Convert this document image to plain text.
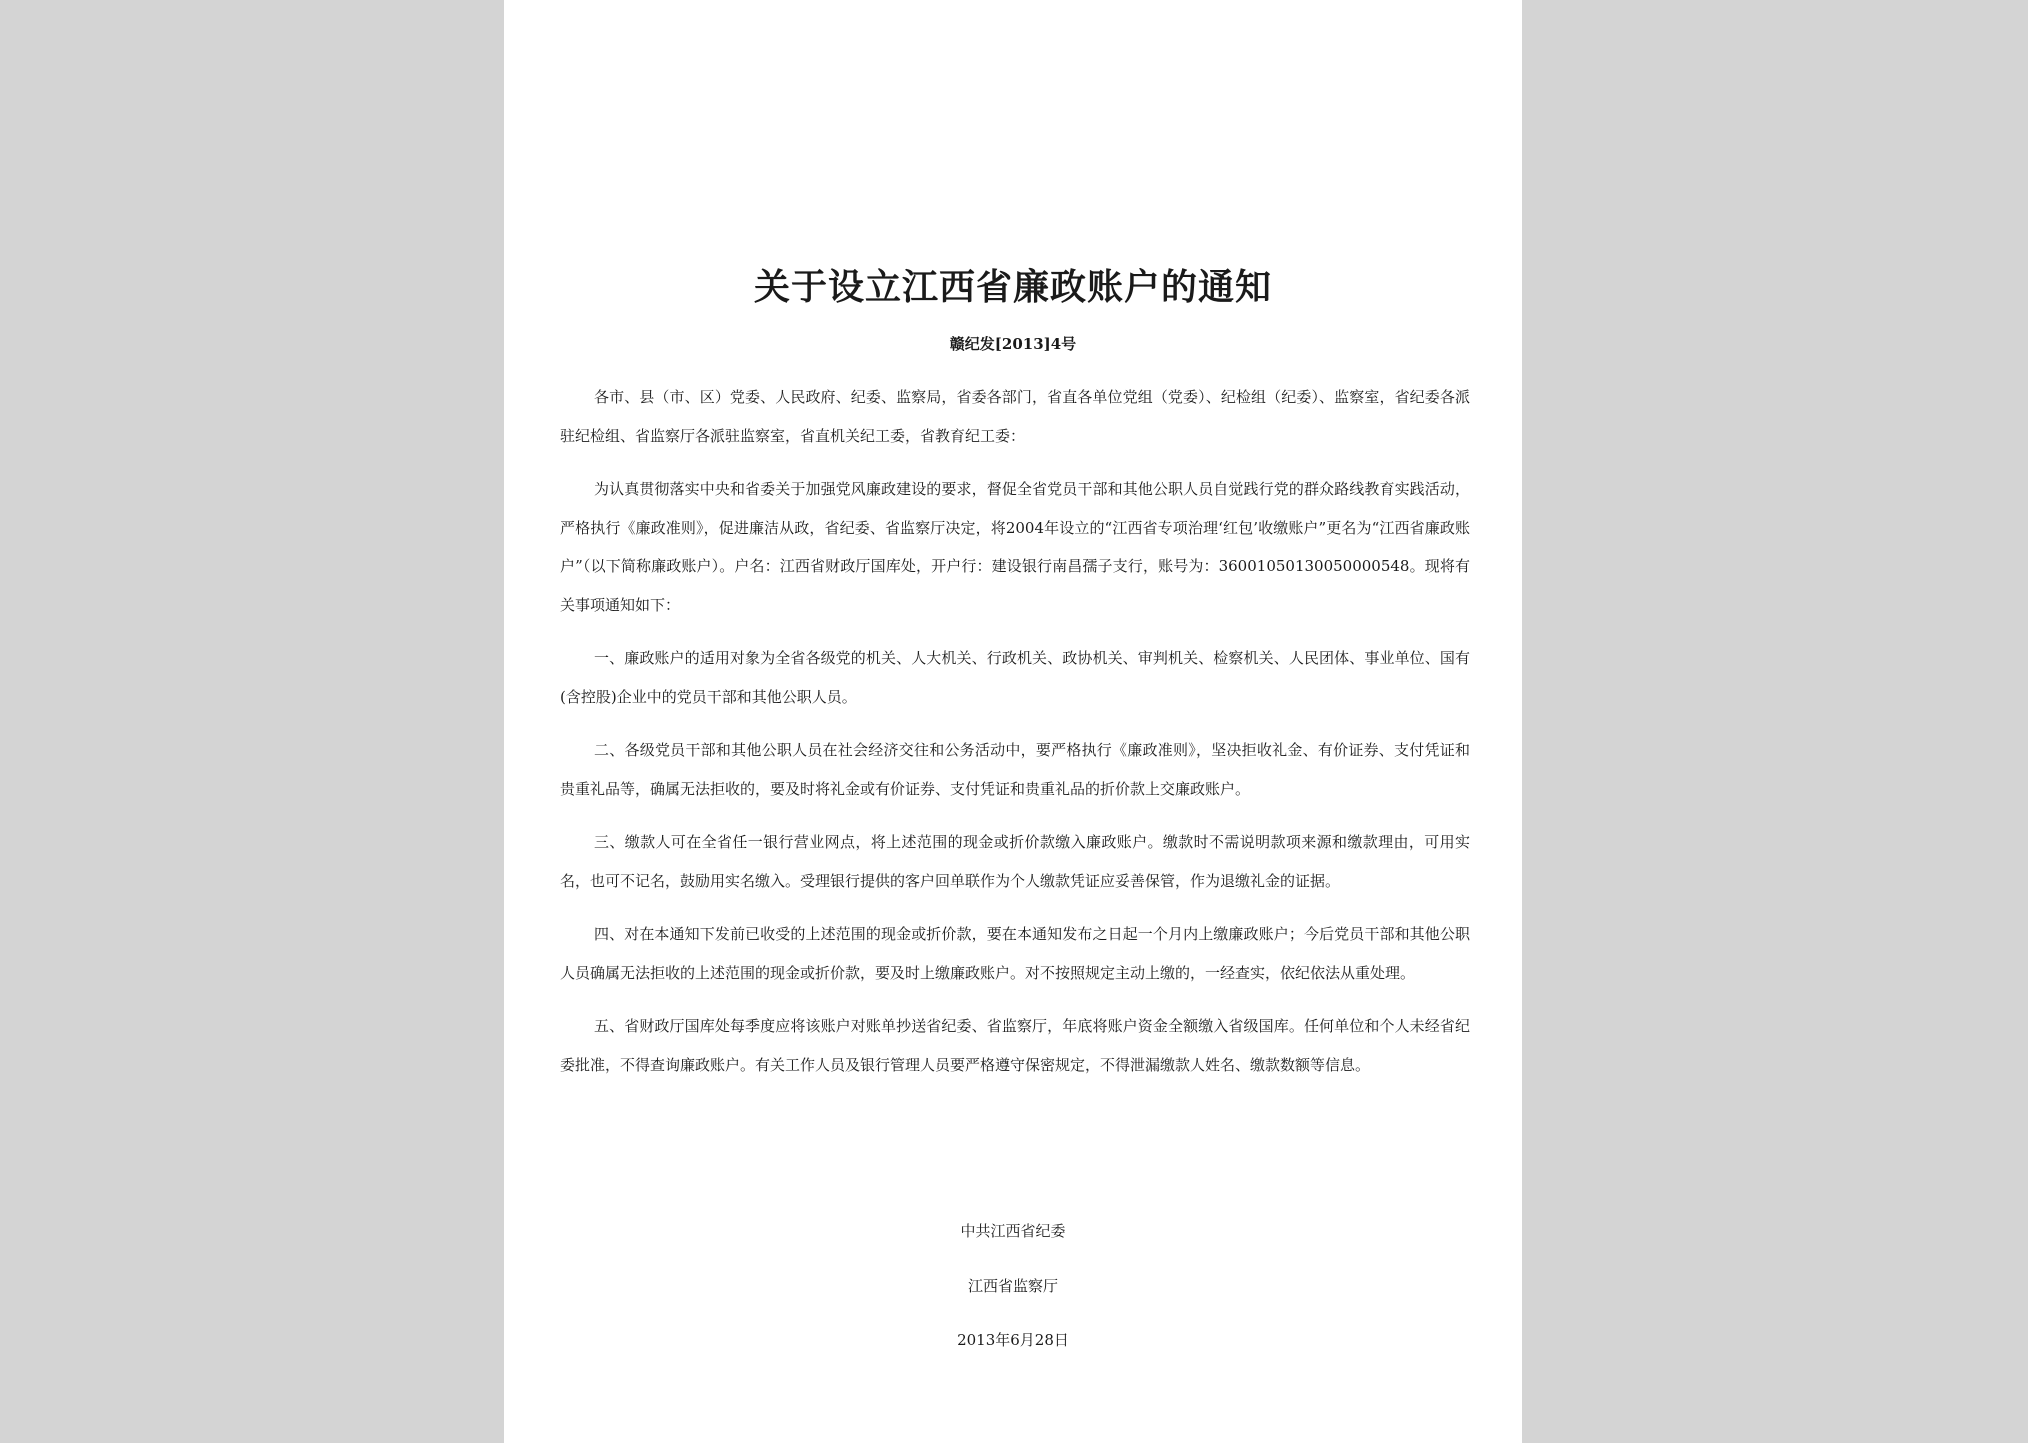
关于设立江西省廉政账户的通知
赣纪发[2013]4号

各市、县（市、区）党委、人民政府、纪委、监察局，省委各部门，省直各单位党组（党委）、纪检组（纪委）、监察室，省纪委各派驻纪检组、省监察厅各派驻监察室，省直机关纪工委，省教育纪工委：

为认真贯彻落实中央和省委关于加强党风廉政建设的要求，督促全省党员干部和其他公职人员自觉践行党的群众路线教育实践活动，严格执行《廉政准则》，促进廉洁从政，省纪委、省监察厅决定，将2004年设立的“江西省专项治理‘红包’收缴账户”更名为“江西省廉政账户”（以下简称廉政账户）。户名：江西省财政厅国库处，开户行：建设银行南昌孺子支行，账号为：36001050130050000548。现将有关事项通知如下：

一、廉政账户的适用对象为全省各级党的机关、人大机关、行政机关、政协机关、审判机关、检察机关、人民团体、事业单位、国有(含控股)企业中的党员干部和其他公职人员。

二、各级党员干部和其他公职人员在社会经济交往和公务活动中，要严格执行《廉政准则》，坚决拒收礼金、有价证券、支付凭证和贵重礼品等，确属无法拒收的，要及时将礼金或有价证券、支付凭证和贵重礼品的折价款上交廉政账户。

三、缴款人可在全省任一银行营业网点，将上述范围的现金或折价款缴入廉政账户。缴款时不需说明款项来源和缴款理由，可用实名，也可不记名，鼓励用实名缴入。受理银行提供的客户回单联作为个人缴款凭证应妥善保管，作为退缴礼金的证据。

四、对在本通知下发前已收受的上述范围的现金或折价款，要在本通知发布之日起一个月内上缴廉政账户；今后党员干部和其他公职人员确属无法拒收的上述范围的现金或折价款，要及时上缴廉政账户。对不按照规定主动上缴的，一经查实，依纪依法从重处理。

五、省财政厅国库处每季度应将该账户对账单抄送省纪委、省监察厅，年底将账户资金全额缴入省级国库。任何单位和个人未经省纪委批准，不得查询廉政账户。有关工作人员及银行管理人员要严格遵守保密规定，不得泄漏缴款人姓名、缴款数额等信息。

中共江西省纪委
江西省监察厅
2013年6月28日
